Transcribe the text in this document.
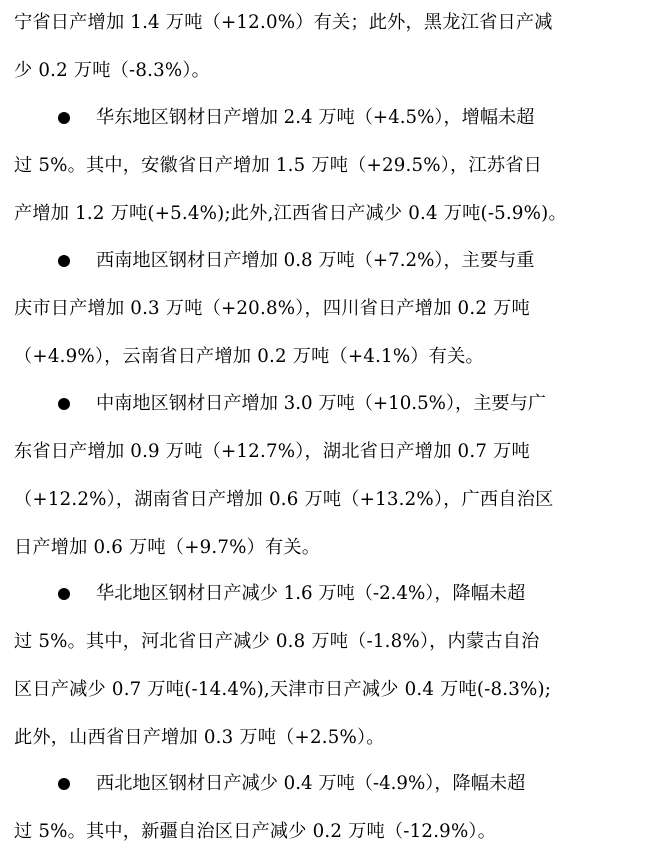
宁省日产增加 1.4 万吨（+12.0%）有关；此外，黑龙江省日产减
少 0.2 万吨（-8.3%）。
华东地区钢材日产增加 2.4 万吨（+4.5%），增幅未超
过 5%。其中，安徽省日产增加 1.5 万吨（+29.5%），江苏省日
产增加 1.2 万吨(+5.4%);此外,江西省日产减少 0.4 万吨(-5.9%)。
西南地区钢材日产增加 0.8 万吨（+7.2%），主要与重
庆市日产增加 0.3 万吨（+20.8%），四川省日产增加 0.2 万吨
（+4.9%），云南省日产增加 0.2 万吨（+4.1%）有关。
中南地区钢材日产增加 3.0 万吨（+10.5%），主要与广
东省日产增加 0.9 万吨（+12.7%），湖北省日产增加 0.7 万吨
（+12.2%），湖南省日产增加 0.6 万吨（+13.2%），广西自治区
日产增加 0.6 万吨（+9.7%）有关。
华北地区钢材日产减少 1.6 万吨（-2.4%），降幅未超
过 5%。其中，河北省日产减少 0.8 万吨（-1.8%），内蒙古自治
区日产减少 0.7 万吨(-14.4%),天津市日产减少 0.4 万吨(-8.3%);
此外，山西省日产增加 0.3 万吨（+2.5%）。
西北地区钢材日产减少 0.4 万吨（-4.9%），降幅未超
过 5%。其中，新疆自治区日产减少 0.2 万吨（-12.9%）。
